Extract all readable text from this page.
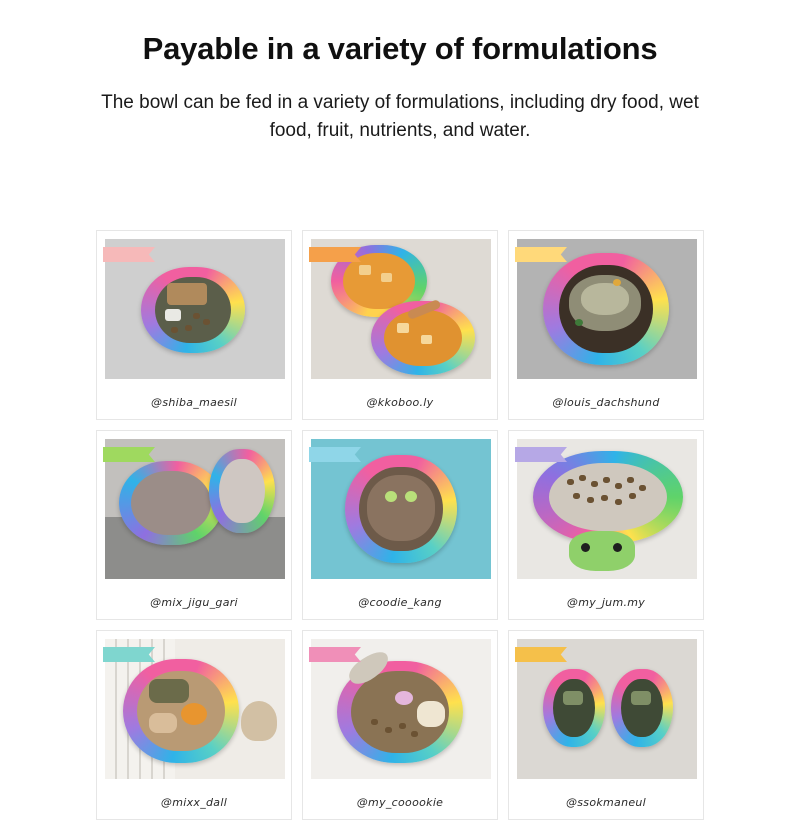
Payable in a variety of formulations

The bowl can be fed in a variety of formulations, including dry food, wet food, fruit, nutrients, and water.

@shiba_maesil	@kkoboo.ly	@louis_dachshund
@mix_jigu_gari	@coodie_kang	@my_jum.my
@mixx_dall	@my_cooookie	@ssokmaneul
